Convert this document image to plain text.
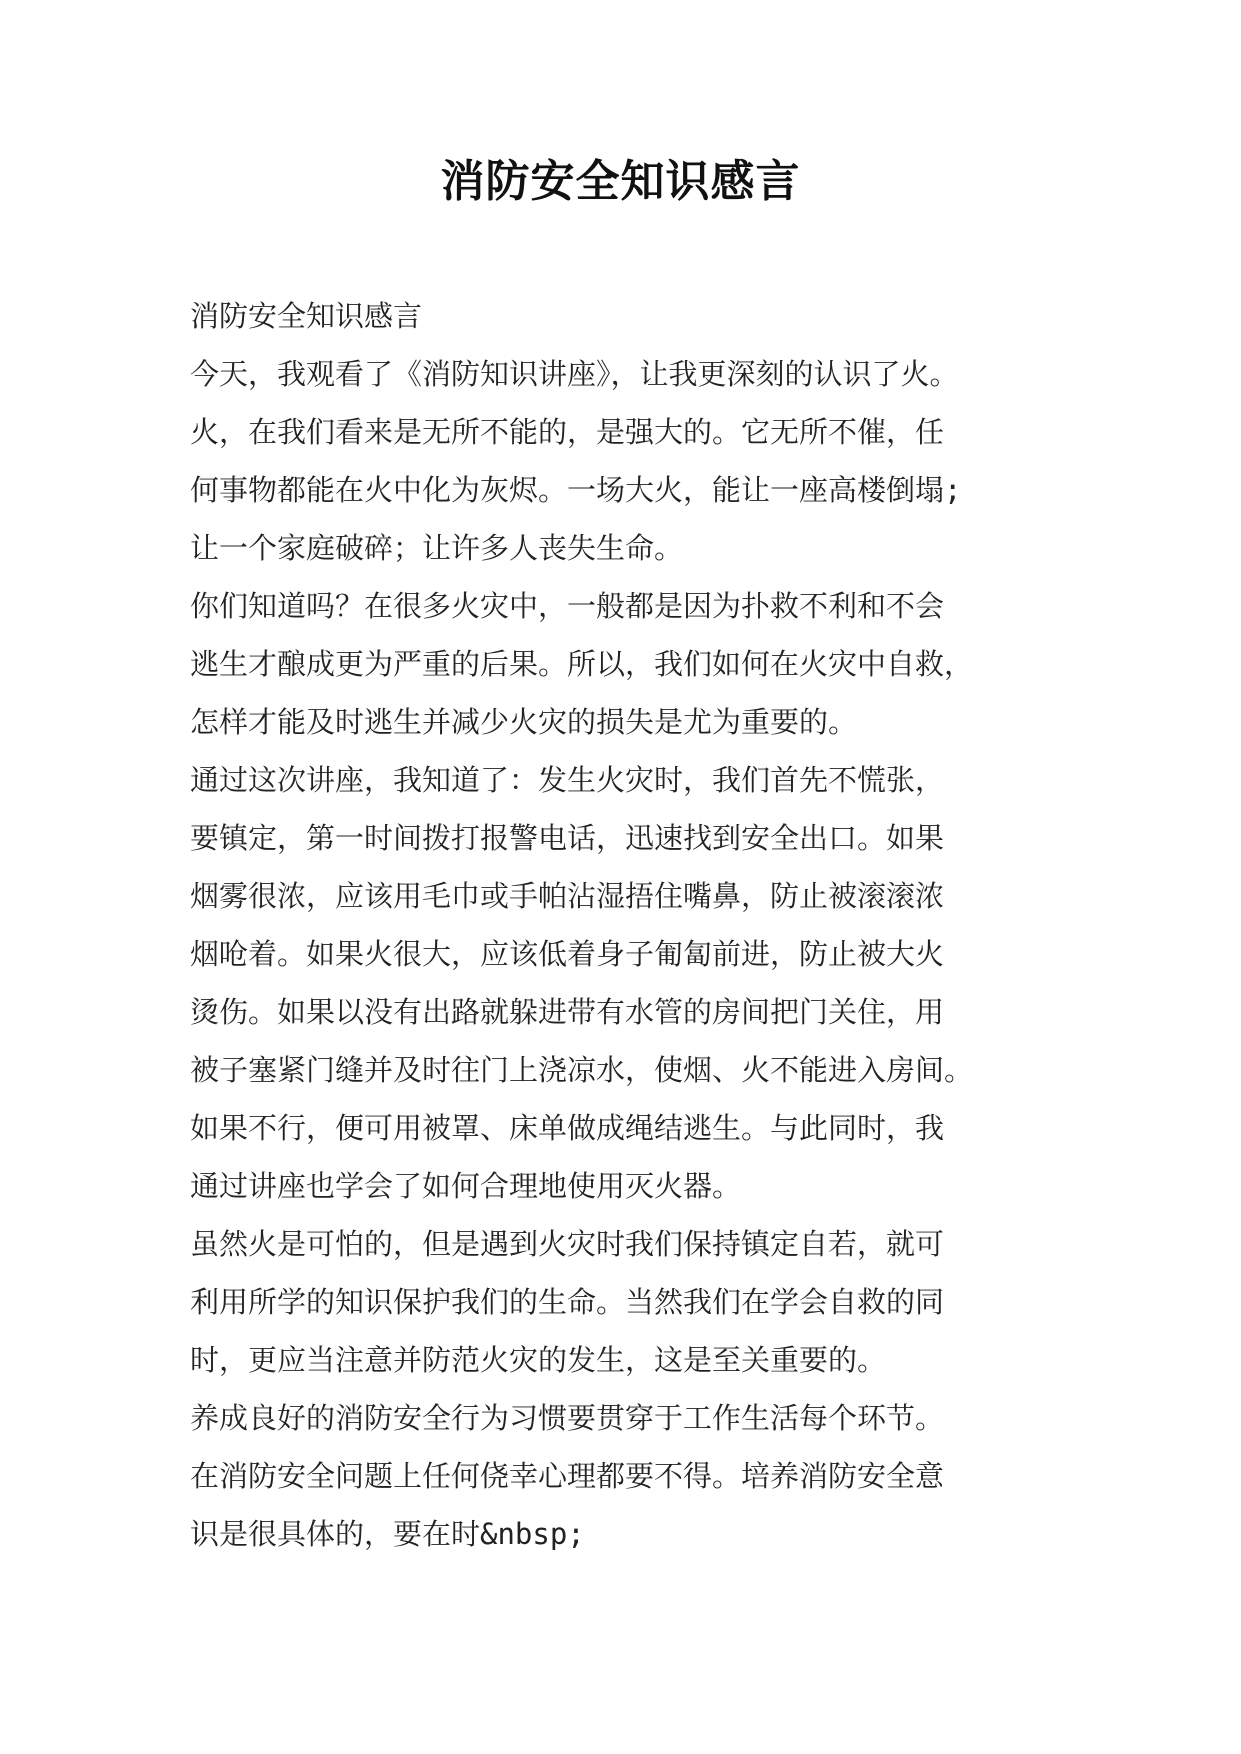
消防安全知识感言
消防安全知识感言
今天，我观看了《消防知识讲座》，让我更深刻的认识了火。
火，在我们看来是无所不能的，是强大的。它无所不催，任
何事物都能在火中化为灰烬。一场大火，能让一座高楼倒塌;
让一个家庭破碎；让许多人丧失生命。
你们知道吗？在很多火灾中，一般都是因为扑救不利和不会
逃生才酿成更为严重的后果。所以，我们如何在火灾中自救，
怎样才能及时逃生并减少火灾的损失是尤为重要的。
通过这次讲座，我知道了：发生火灾时，我们首先不慌张，
要镇定，第一时间拨打报警电话，迅速找到安全出口。如果
烟雾很浓，应该用毛巾或手帕沾湿捂住嘴鼻，防止被滚滚浓
烟呛着。如果火很大，应该低着身子匍匐前进，防止被大火
烫伤。如果以没有出路就躲进带有水管的房间把门关住，用
被子塞紧门缝并及时往门上浇凉水，使烟、火不能进入房间。
如果不行，便可用被罩、床单做成绳结逃生。与此同时，我
通过讲座也学会了如何合理地使用灭火器。
虽然火是可怕的，但是遇到火灾时我们保持镇定自若，就可
利用所学的知识保护我们的生命。当然我们在学会自救的同
时，更应当注意并防范火灾的发生，这是至关重要的。
养成良好的消防安全行为习惯要贯穿于工作生活每个环节。
在消防安全问题上任何侥幸心理都要不得。培养消防安全意
识是很具体的，要在时&nbsp;
